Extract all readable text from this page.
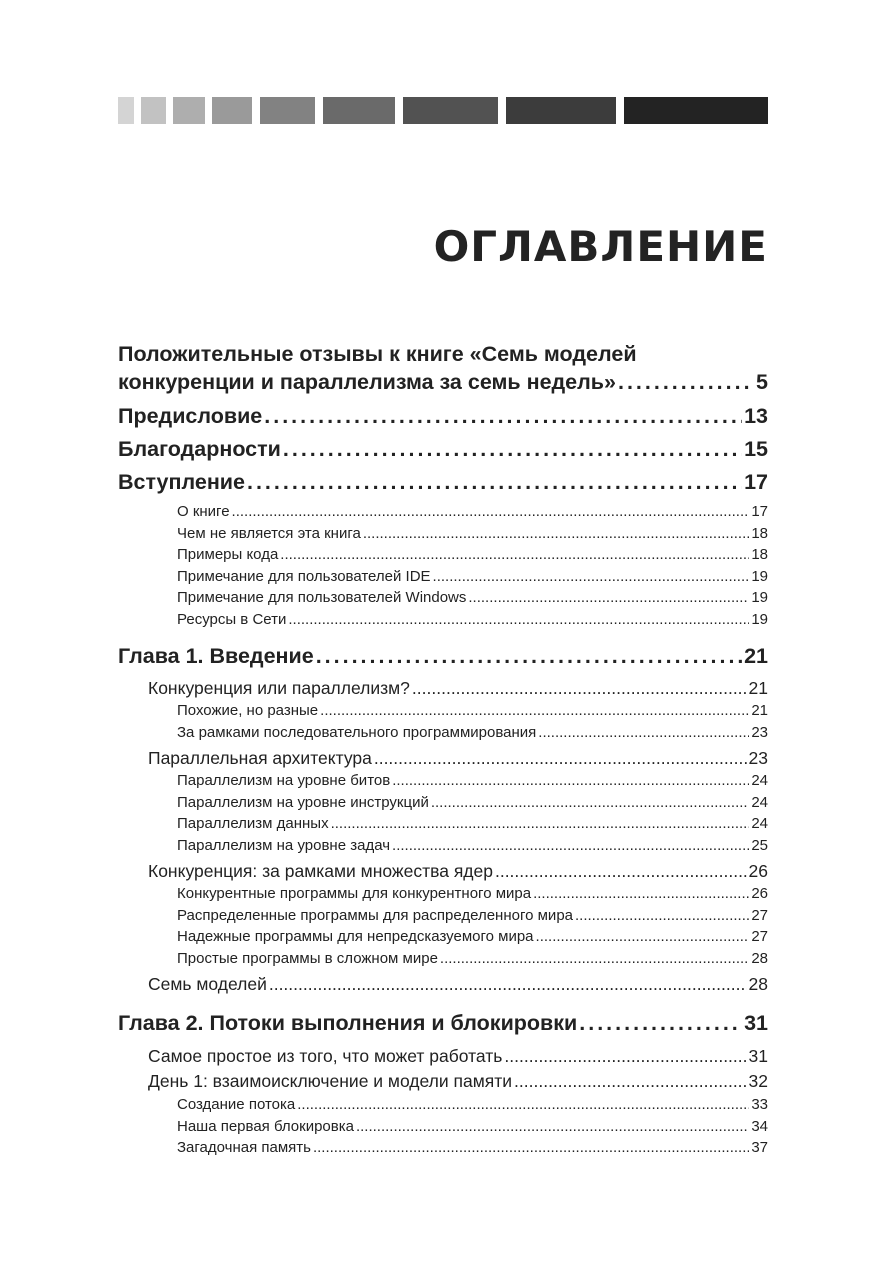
ОГЛАВЛЕНИЕ
Положительные отзывы к книге «Семь моделей
конкуренции и параллелизма за семь недель» .....	5
Предисловие .....	13
Благодарности .....	15
Вступление .....	17
О книге .....	17
Чем не является эта книга .....	18
Примеры кода .....	18
Примечание для пользователей IDE .....	19
Примечание для пользователей Windows .....	19
Ресурсы в Сети .....	19
Глава 1. Введение .....	21
Конкуренция или параллелизм? .....	21
Похожие, но разные .....	21
За рамками последовательного программирования .....	23
Параллельная архитектура .....	23
Параллелизм на уровне битов .....	24
Параллелизм на уровне инструкций .....	24
Параллелизм данных .....	24
Параллелизм на уровне задач .....	25
Конкуренция: за рамками множества ядер .....	26
Конкурентные программы для конкурентного мира .....	26
Распределенные программы для распределенного мира .....	27
Надежные программы для непредсказуемого мира .....	27
Простые программы в сложном мире .....	28
Семь моделей .....	28
Глава 2. Потоки выполнения и блокировки .....	31
Самое простое из того, что может работать .....	31
День 1: взаимоисключение и модели памяти .....	32
Создание потока .....	33
Наша первая блокировка .....	34
Загадочная память .....	37
